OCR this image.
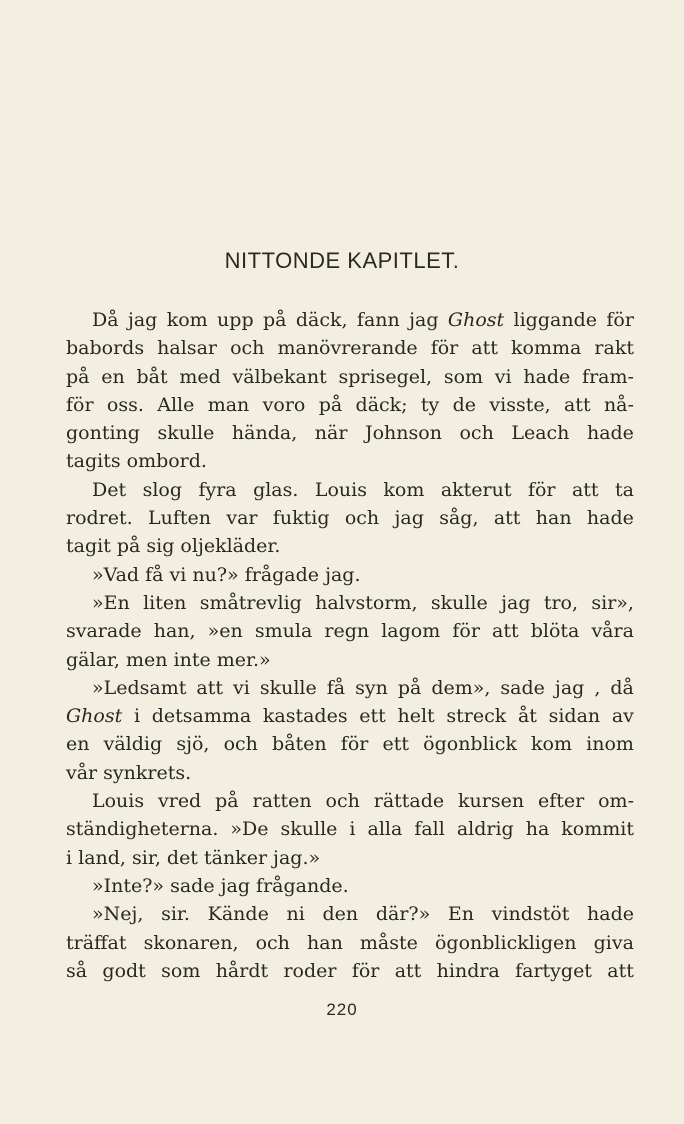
NITTONDE KAPITLET.
Då jag kom upp på däck, fann jag Ghost liggande för
babords halsar och manövrerande för att komma rakt
på en båt med välbekant sprisegel, som vi hade fram-
för oss. Alle man voro på däck; ty de visste, att nå-
gonting skulle hända, när Johnson och Leach hade
tagits ombord.
Det slog fyra glas. Louis kom akterut för att ta
rodret. Luften var fuktig och jag såg, att han hade
tagit på sig oljekläder.
»Vad få vi nu?» frågade jag.
»En liten småtrevlig halvstorm, skulle jag tro, sir»,
svarade han, »en smula regn lagom för att blöta våra
gälar, men inte mer.»
»Ledsamt att vi skulle få syn på dem», sade jag , då
Ghost i detsamma kastades ett helt streck åt sidan av
en väldig sjö, och båten för ett ögonblick kom inom
vår synkrets.
Louis vred på ratten och rättade kursen efter om-
ständigheterna. »De skulle i alla fall aldrig ha kommit
i land, sir, det tänker jag.»
»Inte?» sade jag frågande.
»Nej, sir. Kände ni den där?» En vindstöt hade
träffat skonaren, och han måste ögonblickligen giva
så godt som hårdt roder för att hindra fartyget att
220
